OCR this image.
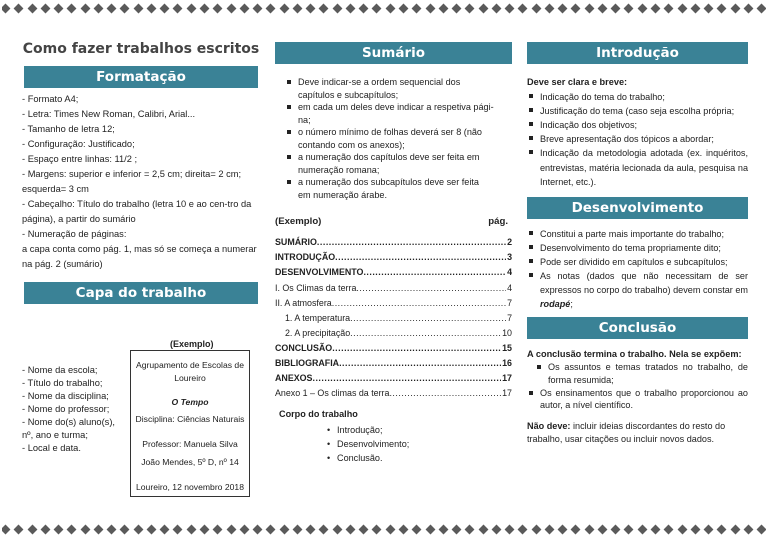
Como fazer trabalhos escritos
Formatação
- Formato A4;
- Letra: Times New Roman, Calibri, Arial...
- Tamanho de letra 12;
- Configuração: Justificado;
- Espaço entre linhas: 11/2 ;
- Margens: superior e inferior = 2,5 cm; direita= 2 cm; esquerda= 3 cm
- Cabeçalho: Título do trabalho (letra 10 e ao cen-tro da página), a partir do sumário
- Numeração de páginas:
a capa conta como pág. 1, mas só se começa a numerar na pág. 2 (sumário)
Capa do trabalho
(Exemplo)
- Nome da escola;
- Título do trabalho;
- Nome da disciplina;
- Nome do professor;
- Nome do(s) aluno(s), nº, ano e turma;
- Local e data.
Agrupamento de Escolas de Loureiro
O Tempo
Disciplina: Ciências Naturais
Professor: Manuela Silva
João Mendes, 5º D, nº 14
Loureiro, 12 novembro 2018
Sumário
Deve indicar-se a ordem sequencial dos capítulos e subcapítulos;
em cada um deles deve indicar a respetiva pági- na;
o número mínimo de folhas deverá ser 8 (não contando com os anexos);
a numeração dos capítulos deve ser feita em numeração romana;
a numeração dos subcapítulos deve ser feita em numeração árabe.
(Exemplo)	pág.
SUMÁRIO .....	2
INTRODUÇÃO .....	3
DESENVOLVIMENTO .....	4
I. Os Climas da terra .....	4
II. A atmosfera .....	7
1. A temperatura .....	7
2. A precipitação .....	10
CONCLUSÃO .....	15
BIBLIOGRAFIA .....	16
ANEXOS .....	17
Anexo 1 – Os climas da terra .....	17
Corpo do trabalho
• Introdução;
• Desenvolvimento;
• Conclusão.
Introdução
Deve ser clara e breve:
Indicação do tema do trabalho;
Justificação do tema (caso seja escolha própria;
Indicação dos objetivos;
Breve apresentação dos tópicos a abordar;
Indicação da metodologia adotada (ex. inquéritos, entrevistas, matéria lecionada da aula, pesquisa na Internet, etc.).
Desenvolvimento
Constitui a parte mais importante do trabalho;
Desenvolvimento do tema propriamente dito;
Pode ser dividido em capítulos e subcapítulos;
As notas (dados que não necessitam de ser expressos no corpo do trabalho) devem constar em rodapé;
Conclusão
A conclusão termina o trabalho. Nela se expõem:
Os assuntos e temas tratados no trabalho, de forma resumida;
Os ensinamentos que o trabalho proporcionou ao autor, a nível científico.
Não deve: incluir ideias discordantes do resto do trabalho, usar citações ou incluir novos dados.
